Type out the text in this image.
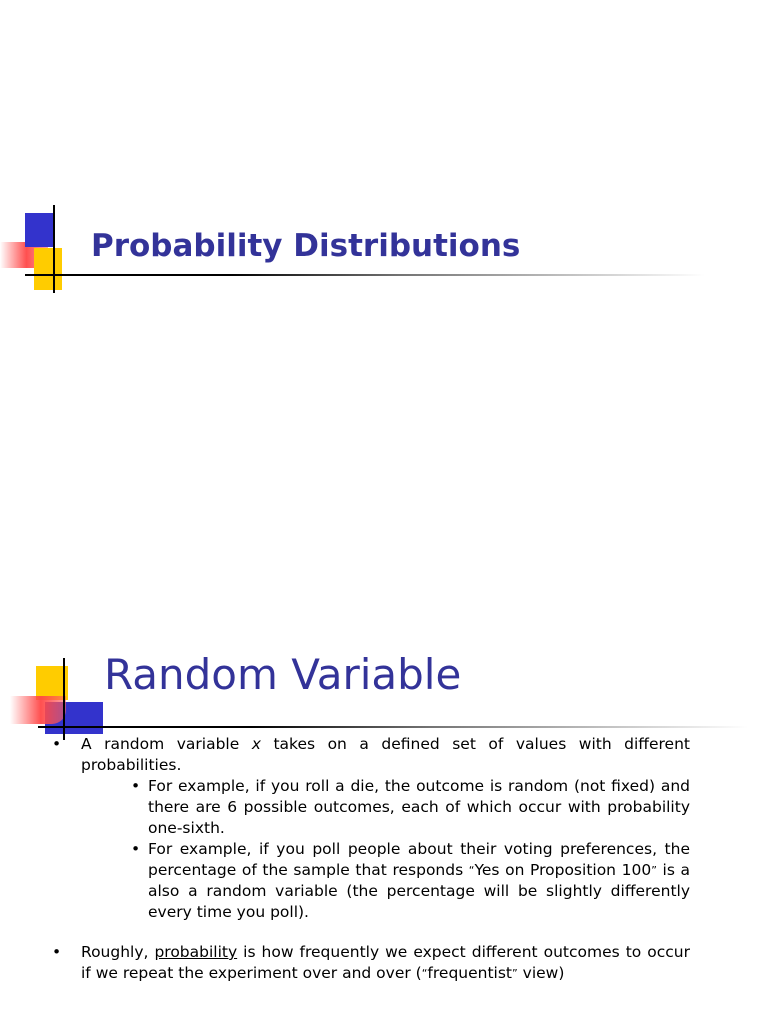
Probability Distributions
Random Variable
• A random variable x takes on a defined set of values with different probabilities.
• For example, if you roll a die, the outcome is random (not fixed) and there are 6 possible outcomes, each of which occur with probability one-sixth.
• For example, if you poll people about their voting preferences, the percentage of the sample that responds “Yes on Proposition 100” is a also a random variable (the percentage will be slightly differently every time you poll).
• Roughly, probability is how frequently we expect different outcomes to occur if we repeat the experiment over and over (“frequentist” view)
